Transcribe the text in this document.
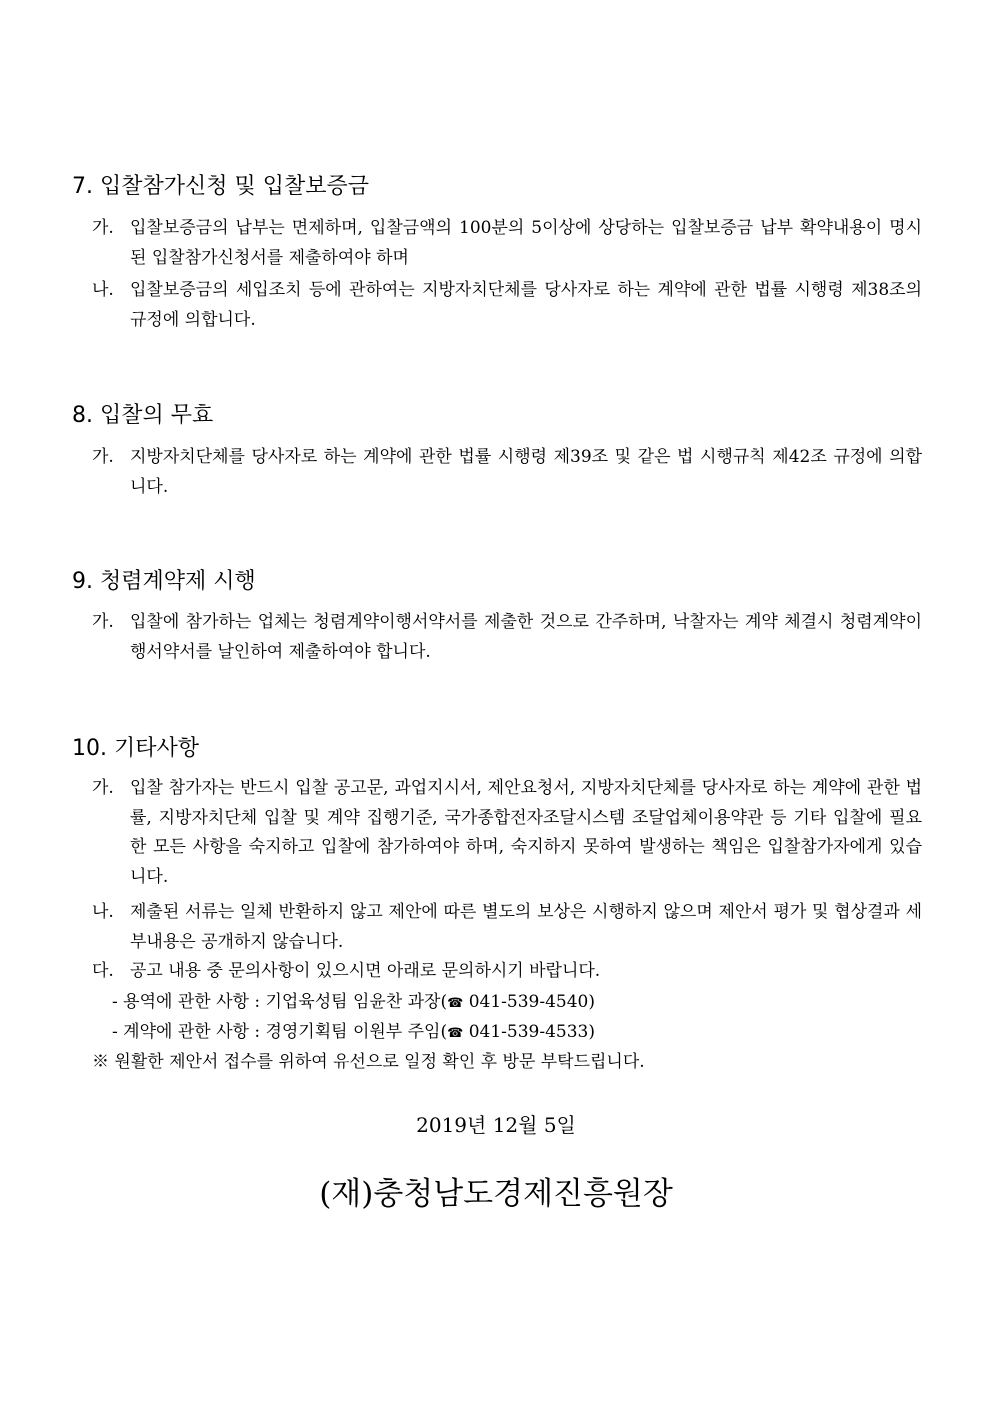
7. 입찰참가신청 및 입찰보증금
가. 입찰보증금의 납부는 면제하며, 입찰금액의 100분의 5이상에 상당하는 입찰보증금 납부 확약내용이 명시된 입찰참가신청서를 제출하여야 하며
나. 입찰보증금의 세입조치 등에 관하여는 지방자치단체를 당사자로 하는 계약에 관한 법률 시행령 제38조의 규정에 의합니다.
8. 입찰의 무효
가. 지방자치단체를 당사자로 하는 계약에 관한 법률 시행령 제39조 및 같은 법 시행규칙 제42조 규정에 의합니다.
9. 청렴계약제 시행
가. 입찰에 참가하는 업체는 청렴계약이행서약서를 제출한 것으로 간주하며, 낙찰자는 계약 체결시 청렴계약이행서약서를 날인하여 제출하여야 합니다.
10. 기타사항
가. 입찰 참가자는 반드시 입찰 공고문, 과업지시서, 제안요청서, 지방자치단체를 당사자로 하는 계약에 관한 법률, 지방자치단체 입찰 및 계약 집행기준, 국가종합전자조달시스템 조달업체이용약관 등 기타 입찰에 필요한 모든 사항을 숙지하고 입찰에 참가하여야 하며, 숙지하지 못하여 발생하는 책임은 입찰참가자에게 있습니다.
나. 제출된 서류는 일체 반환하지 않고 제안에 따른 별도의 보상은 시행하지 않으며 제안서 평가 및 협상결과 세부내용은 공개하지 않습니다.
다. 공고 내용 중 문의사항이 있으시면 아래로 문의하시기 바랍니다.
- 용역에 관한 사항 : 기업육성팀 임윤찬 과장(☎ 041-539-4540)
- 계약에 관한 사항 : 경영기획팀 이원부 주임(☎ 041-539-4533)
※ 원활한 제안서 접수를 위하여 유선으로 일정 확인 후 방문 부탁드립니다.
2019년 12월 5일
(재)충청남도경제진흥원장
